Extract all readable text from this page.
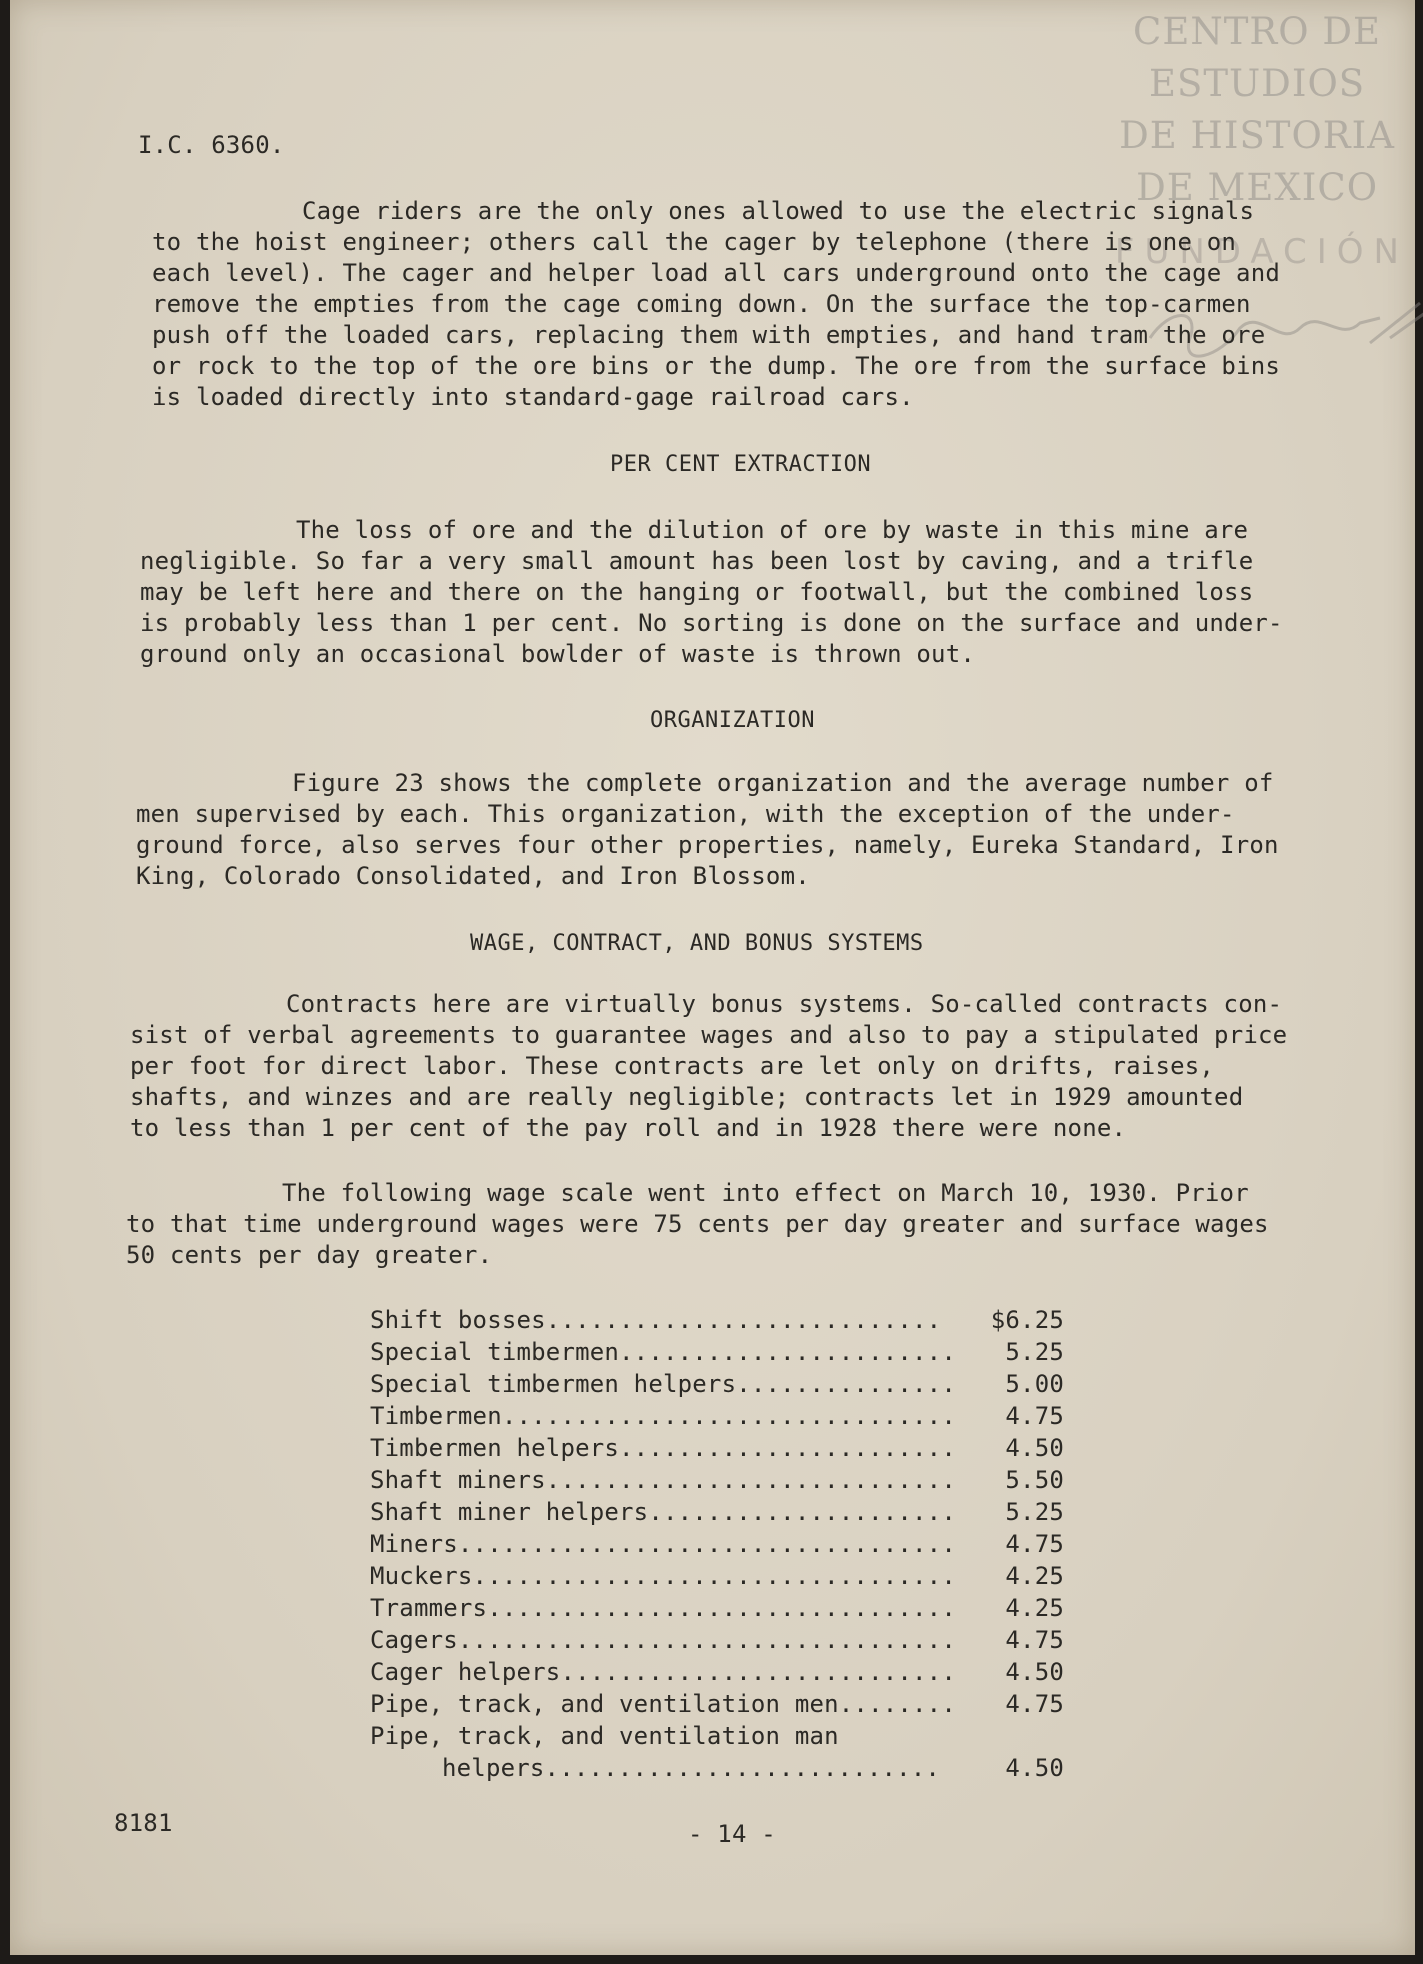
CENTRO DE
ESTUDIOS
DE HISTORIA
DE MEXICO
FUNDACIÓN
I.C. 6360.
Cage riders are the only ones allowed to use the electric signals
to the hoist engineer; others call the cager by telephone (there is one on
each level). The cager and helper load all cars underground onto the cage and
remove the empties from the cage coming down. On the surface the top-carmen
push off the loaded cars, replacing them with empties, and hand tram the ore
or rock to the top of the ore bins or the dump. The ore from the surface bins
is loaded directly into standard-gage railroad cars.
PER CENT EXTRACTION
The loss of ore and the dilution of ore by waste in this mine are
negligible. So far a very small amount has been lost by caving, and a trifle
may be left here and there on the hanging or footwall, but the combined loss
is probably less than 1 per cent. No sorting is done on the surface and under-
ground only an occasional bowlder of waste is thrown out.
ORGANIZATION
Figure 23 shows the complete organization and the average number of
men supervised by each. This organization, with the exception of the under-
ground force, also serves four other properties, namely, Eureka Standard, Iron
King, Colorado Consolidated, and Iron Blossom.
WAGE, CONTRACT, AND BONUS SYSTEMS
Contracts here are virtually bonus systems. So-called contracts con-
sist of verbal agreements to guarantee wages and also to pay a stipulated price
per foot for direct labor. These contracts are let only on drifts, raises,
shafts, and winzes and are really negligible; contracts let in 1929 amounted
to less than 1 per cent of the pay roll and in 1928 there were none.
The following wage scale went into effect on March 10, 1930. Prior
to that time underground wages were 75 cents per day greater and surface wages
50 cents per day greater.
Shift bosses...........................	$6.25
Special timbermen.......................	5.25
Special timbermen helpers...............	5.00
Timbermen...............................	4.75
Timbermen helpers.......................	4.50
Shaft miners............................	5.50
Shaft miner helpers.....................	5.25
Miners..................................	4.75
Muckers.................................	4.25
Trammers................................	4.25
Cagers..................................	4.75
Cager helpers...........................	4.50
Pipe, track, and ventilation men........	4.75
Pipe, track, and ventilation man
helpers...........................	4.50
8181	- 14 -
